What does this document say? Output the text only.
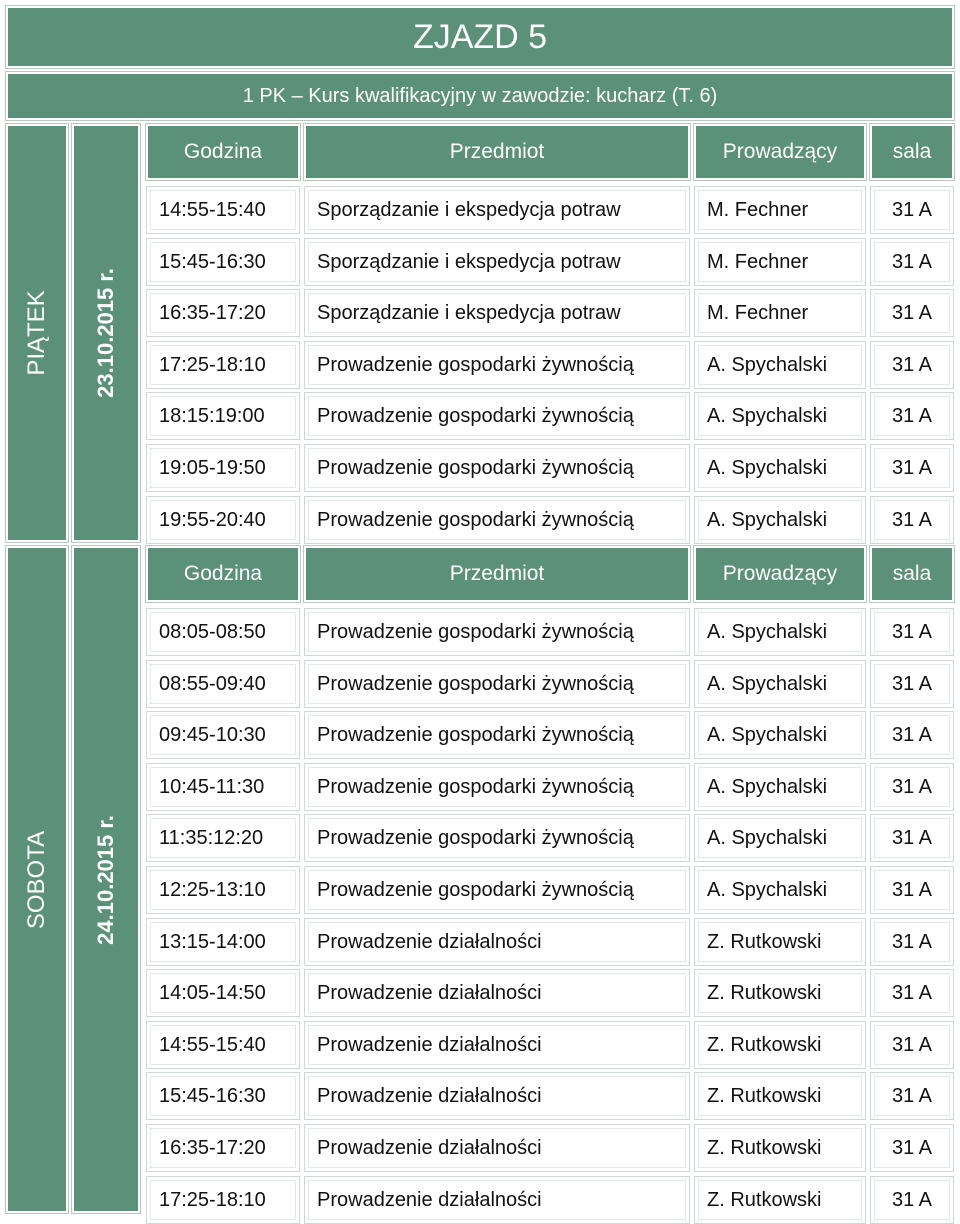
ZJAZD 5
1 PK – Kurs kwalifikacyjny w zawodzie: kucharz (T. 6)
PIĄTEK 23.10.2015 r.
Godzina	Przedmiot	Prowadzący	sala
14:55-15:40	Sporządzanie i ekspedycja potraw	M. Fechner	31 A
15:45-16:30	Sporządzanie i ekspedycja potraw	M. Fechner	31 A
16:35-17:20	Sporządzanie i ekspedycja potraw	M. Fechner	31 A
17:25-18:10	Prowadzenie gospodarki żywnością	A. Spychalski	31 A
18:15:19:00	Prowadzenie gospodarki żywnością	A. Spychalski	31 A
19:05-19:50	Prowadzenie gospodarki żywnością	A. Spychalski	31 A
19:55-20:40	Prowadzenie gospodarki żywnością	A. Spychalski	31 A
SOBOTA 24.10.2015 r.
Godzina	Przedmiot	Prowadzący	sala
08:05-08:50	Prowadzenie gospodarki żywnością	A. Spychalski	31 A
08:55-09:40	Prowadzenie gospodarki żywnością	A. Spychalski	31 A
09:45-10:30	Prowadzenie gospodarki żywnością	A. Spychalski	31 A
10:45-11:30	Prowadzenie gospodarki żywnością	A. Spychalski	31 A
11:35:12:20	Prowadzenie gospodarki żywnością	A. Spychalski	31 A
12:25-13:10	Prowadzenie gospodarki żywnością	A. Spychalski	31 A
13:15-14:00	Prowadzenie działalności	Z. Rutkowski	31 A
14:05-14:50	Prowadzenie działalności	Z. Rutkowski	31 A
14:55-15:40	Prowadzenie działalności	Z. Rutkowski	31 A
15:45-16:30	Prowadzenie działalności	Z. Rutkowski	31 A
16:35-17:20	Prowadzenie działalności	Z. Rutkowski	31 A
17:25-18:10	Prowadzenie działalności	Z. Rutkowski	31 A
